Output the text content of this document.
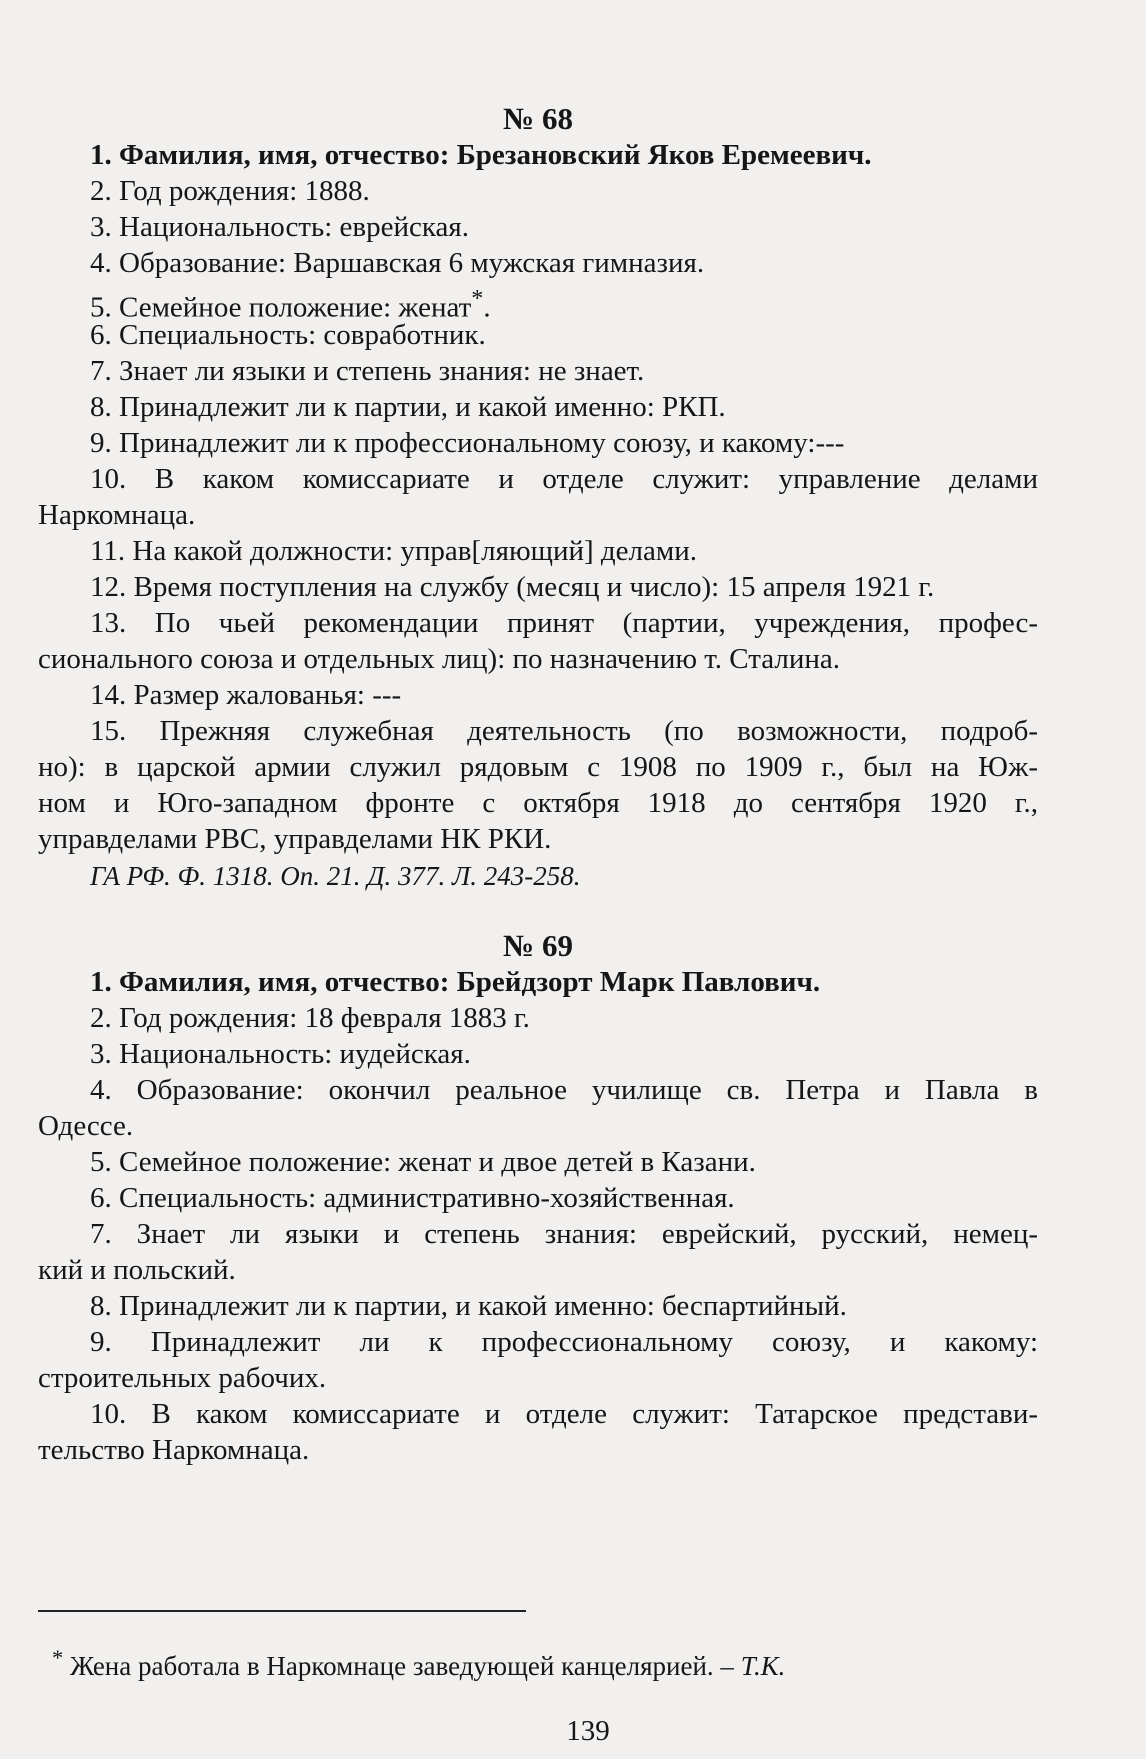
№ 68
1. Фамилия, имя, отчество: Брезановский Яков Еремеевич.
2. Год рождения: 1888.
3. Национальность: еврейская.
4. Образование: Варшавская 6 мужская гимназия.
5. Семейное положение: женат*.
6. Специальность: совработник.
7. Знает ли языки и степень знания: не знает.
8. Принадлежит ли к партии, и какой именно: РКП.
9. Принадлежит ли к профессиональному союзу, и какому:---
10. В каком комиссариате и отделе служит: управление делами
Наркомнаца.
11. На какой должности: управ[ляющий] делами.
12. Время поступления на службу (месяц и число): 15 апреля 1921 г.
13. По чьей рекомендации принят (партии, учреждения, профес-
сионального союза и отдельных лиц): по назначению т. Сталина.
14. Размер жалованья: ---
15. Прежняя служебная деятельность (по возможности, подроб-
но): в царской армии служил рядовым с 1908 по 1909 г., был на Юж-
ном и Юго-западном фронте с октября 1918 до сентября 1920 г.,
управделами РВС, управделами НК РКИ.
ГА РФ. Ф. 1318. Оп. 21. Д. 377. Л. 243-258.
№ 69
1. Фамилия, имя, отчество: Брейдзорт Марк Павлович.
2. Год рождения: 18 февраля 1883 г.
3. Национальность: иудейская.
4. Образование: окончил реальное училище св. Петра и Павла в
Одессе.
5. Семейное положение: женат и двое детей в Казани.
6. Специальность: административно-хозяйственная.
7. Знает ли языки и степень знания: еврейский, русский, немец-
кий и польский.
8. Принадлежит ли к партии, и какой именно: беспартийный.
9. Принадлежит ли к профессиональному союзу, и какому:
строительных рабочих.
10. В каком комиссариате и отделе служит: Татарское представи-
тельство Наркомнаца.
* Жена работала в Наркомнаце заведующей канцелярией. – Т.К.
139
